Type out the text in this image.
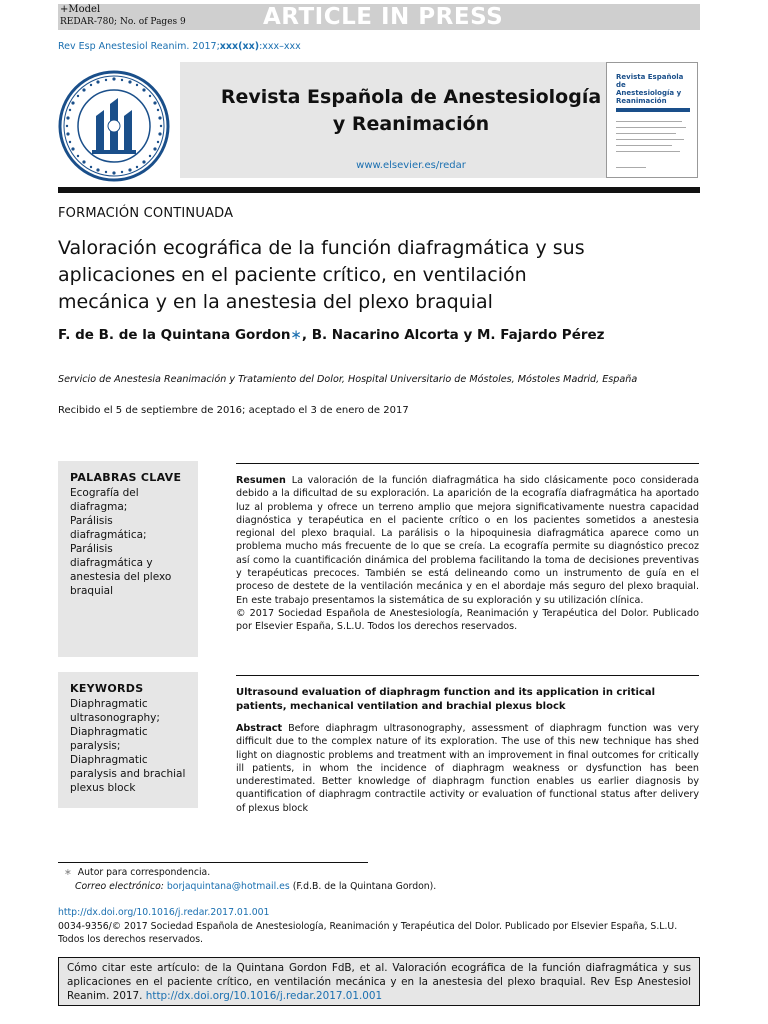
+Model
REDAR-780; No. of Pages 9	ARTICLE IN PRESS
Rev Esp Anestesiol Reanim. 2017;xxx(xx):xxx–xxx
Revista Española de Anestesiología
y Reanimación
www.elsevier.es/redar
Revista Española de Anestesiología y Reanimación
FORMACIÓN CONTINUADA
Valoración ecográfica de la función diafragmática y sus aplicaciones en el paciente crítico, en ventilación mecánica y en la anestesia del plexo braquial
F. de B. de la Quintana Gordon∗, B. Nacarino Alcorta y M. Fajardo Pérez
Servicio de Anestesia Reanimación y Tratamiento del Dolor, Hospital Universitario de Móstoles, Móstoles Madrid, España
Recibido el 5 de septiembre de 2016; aceptado el 3 de enero de 2017
PALABRAS CLAVE
Ecografía del
diafragma;
Parálisis
diafragmática;
Parálisis
diafragmática y
anestesia del plexo
braquial

Resumen La valoración de la función diafragmática ha sido clásicamente poco considerada debido a la dificultad de su exploración. La aparición de la ecografía diafragmática ha aportado luz al problema y ofrece un terreno amplio que mejora significativamente nuestra capacidad diagnóstica y terapéutica en el paciente crítico o en los pacientes sometidos a anestesia regional del plexo braquial. La parálisis o la hipoquinesia diafragmática aparece como un problema mucho más frecuente de lo que se creía. La ecografía permite su diagnóstico precoz así como la cuantificación dinámica del problema facilitando la toma de decisiones preventivas y terapéuticas precoces. También se está delineando como un instrumento de guía en el proceso de destete de la ventilación mecánica y en el abordaje más seguro del plexo braquial. En este trabajo presentamos la sistemática de su exploración y su utilización clínica.

© 2017 Sociedad Española de Anestesiología, Reanimación y Terapéutica del Dolor. Publicado por Elsevier España, S.L.U. Todos los derechos reservados.

KEYWORDS
Diaphragmatic
ultrasonography;
Diaphragmatic
paralysis;
Diaphragmatic
paralysis and brachial
plexus block
Ultrasound evaluation of diaphragm function and its application in critical patients, mechanical ventilation and brachial plexus block

Abstract Before diaphragm ultrasonography, assessment of diaphragm function was very difficult due to the complex nature of its exploration. The use of this new technique has shed light on diagnostic problems and treatment with an improvement in final outcomes for critically ill patients, in whom the incidence of diaphragm weakness or dysfunction has been underestimated. Better knowledge of diaphragm function enables us earlier diagnosis by quantification of diaphragm contractile activity or evaluation of functional status after delivery of plexus block

∗ Autor para correspondencia.
Correo electrónico: borjaquintana@hotmail.es (F.d.B. de la Quintana Gordon).
http://dx.doi.org/10.1016/j.redar.2017.01.001
0034-9356/© 2017 Sociedad Española de Anestesiología, Reanimación y Terapéutica del Dolor. Publicado por Elsevier España, S.L.U. Todos los derechos reservados.
Cómo citar este artículo: de la Quintana Gordon FdB, et al. Valoración ecográfica de la función diafragmática y sus aplicaciones en el paciente crítico, en ventilación mecánica y en la anestesia del plexo braquial. Rev Esp Anestesiol Reanim. 2017. http://dx.doi.org/10.1016/j.redar.2017.01.001
